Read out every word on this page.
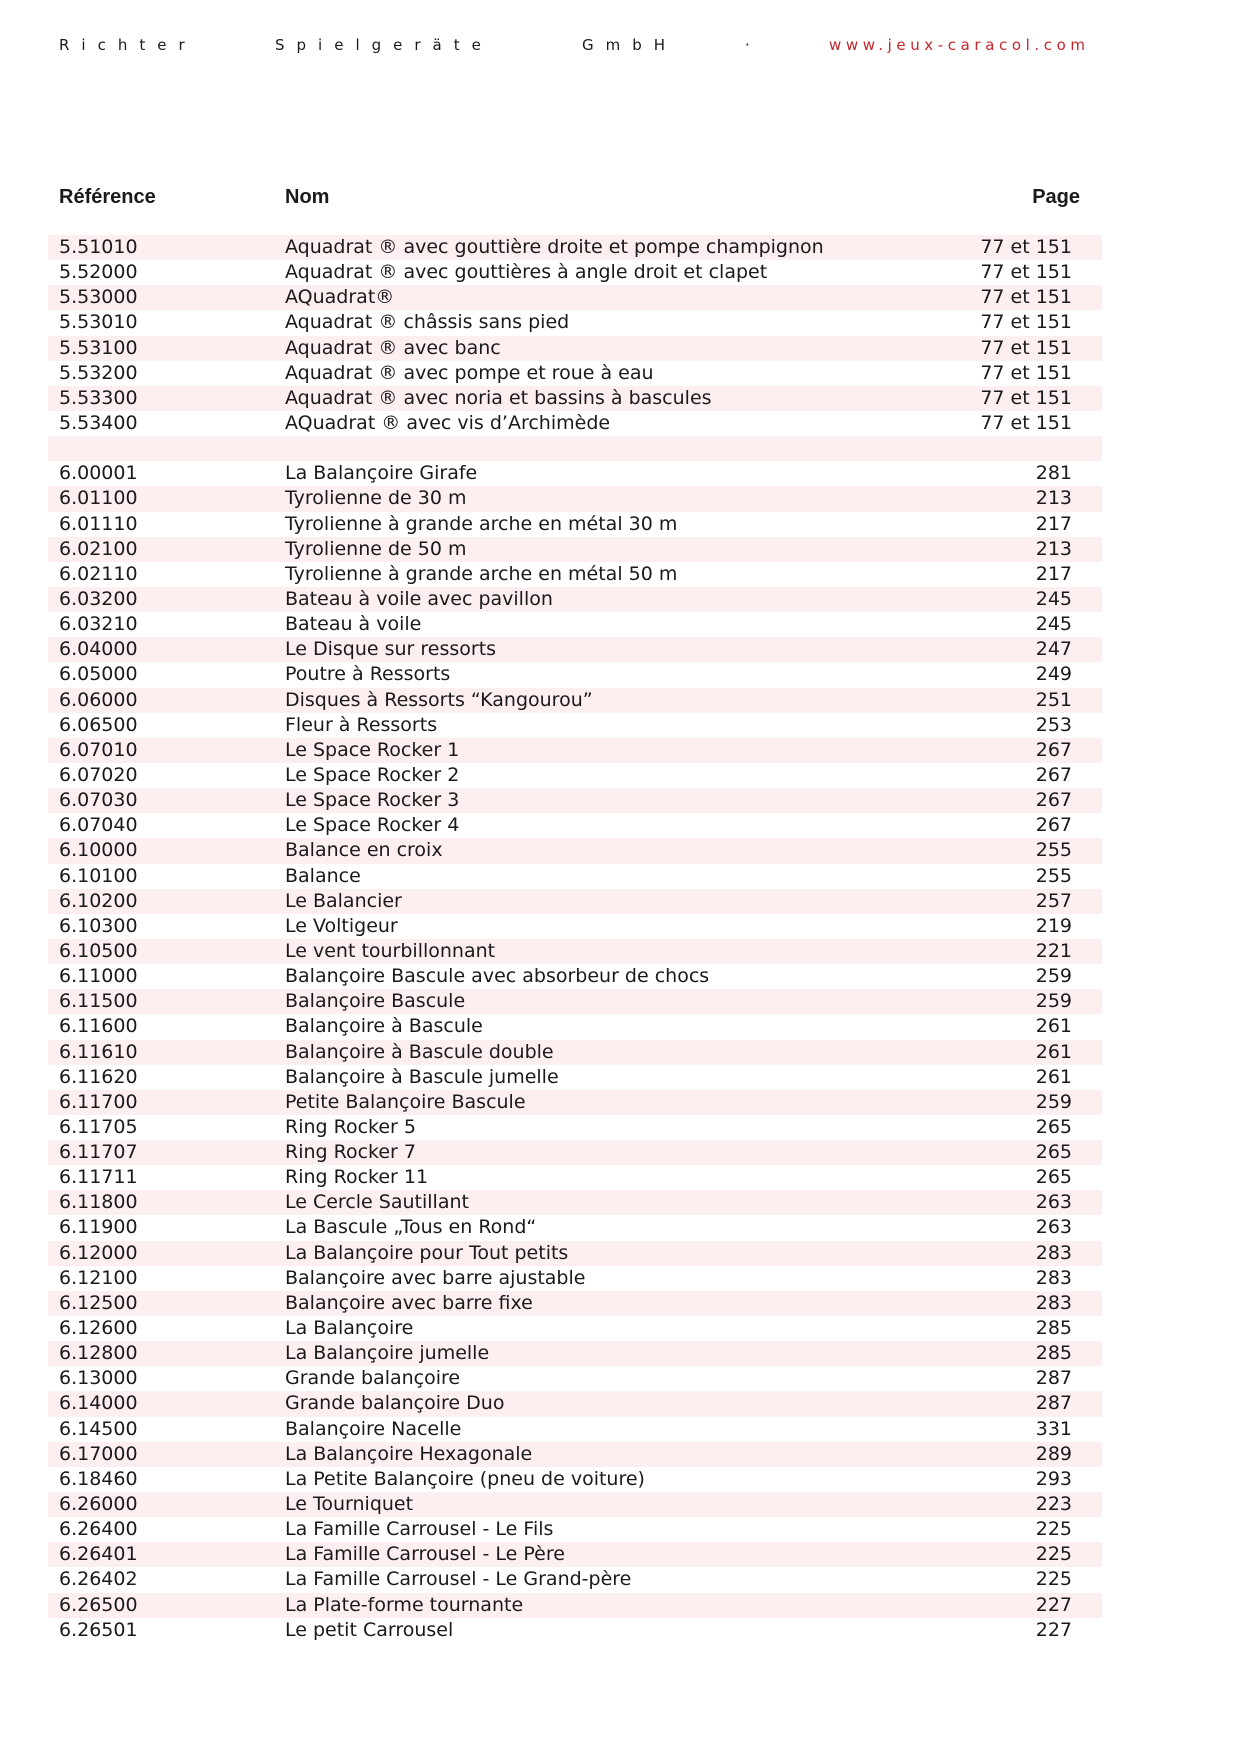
Richter	Spielgeräte	GmbH	·	www.jeux-caracol.com
Référence	Nom	Page
5.51010	Aquadrat ® avec gouttière droite et pompe champignon	77 et 151
5.52000	Aquadrat ® avec gouttières à angle droit et clapet	77 et 151
5.53000	AQuadrat®	77 et 151
5.53010	Aquadrat ® châssis sans pied	77 et 151
5.53100	Aquadrat ® avec banc	77 et 151
5.53200	Aquadrat ® avec pompe et roue à eau	77 et 151
5.53300	Aquadrat ® avec noria et bassins à bascules	77 et 151
5.53400	AQuadrat ® avec vis d’Archimède	77 et 151
6.00001	La Balançoire Girafe	281
6.01100	Tyrolienne de 30 m	213
6.01110	Tyrolienne à grande arche en métal 30 m	217
6.02100	Tyrolienne de 50 m	213
6.02110	Tyrolienne à grande arche en métal 50 m	217
6.03200	Bateau à voile avec pavillon	245
6.03210	Bateau à voile	245
6.04000	Le Disque sur ressorts	247
6.05000	Poutre à Ressorts	249
6.06000	Disques à Ressorts “Kangourou”	251
6.06500	Fleur à Ressorts	253
6.07010	Le Space Rocker 1	267
6.07020	Le Space Rocker 2	267
6.07030	Le Space Rocker 3	267
6.07040	Le Space Rocker 4	267
6.10000	Balance en croix	255
6.10100	Balance	255
6.10200	Le Balancier	257
6.10300	Le Voltigeur	219
6.10500	Le vent tourbillonnant	221
6.11000	Balançoire Bascule avec absorbeur de chocs	259
6.11500	Balançoire Bascule	259
6.11600	Balançoire à Bascule	261
6.11610	Balançoire à Bascule double	261
6.11620	Balançoire à Bascule jumelle	261
6.11700	Petite Balançoire Bascule	259
6.11705	Ring Rocker 5	265
6.11707	Ring Rocker 7	265
6.11711	Ring Rocker 11	265
6.11800	Le Cercle Sautillant	263
6.11900	La Bascule „Tous en Rond“	263
6.12000	La Balançoire pour Tout petits	283
6.12100	Balançoire avec barre ajustable	283
6.12500	Balançoire avec barre fixe	283
6.12600	La Balançoire	285
6.12800	La Balançoire jumelle	285
6.13000	Grande balançoire	287
6.14000	Grande balançoire Duo	287
6.14500	Balançoire Nacelle	331
6.17000	La Balançoire Hexagonale	289
6.18460	La Petite Balançoire (pneu de voiture)	293
6.26000	Le Tourniquet	223
6.26400	La Famille Carrousel - Le Fils	225
6.26401	La Famille Carrousel - Le Père	225
6.26402	La Famille Carrousel - Le Grand-père	225
6.26500	La Plate-forme tournante	227
6.26501	Le petit Carrousel	227
